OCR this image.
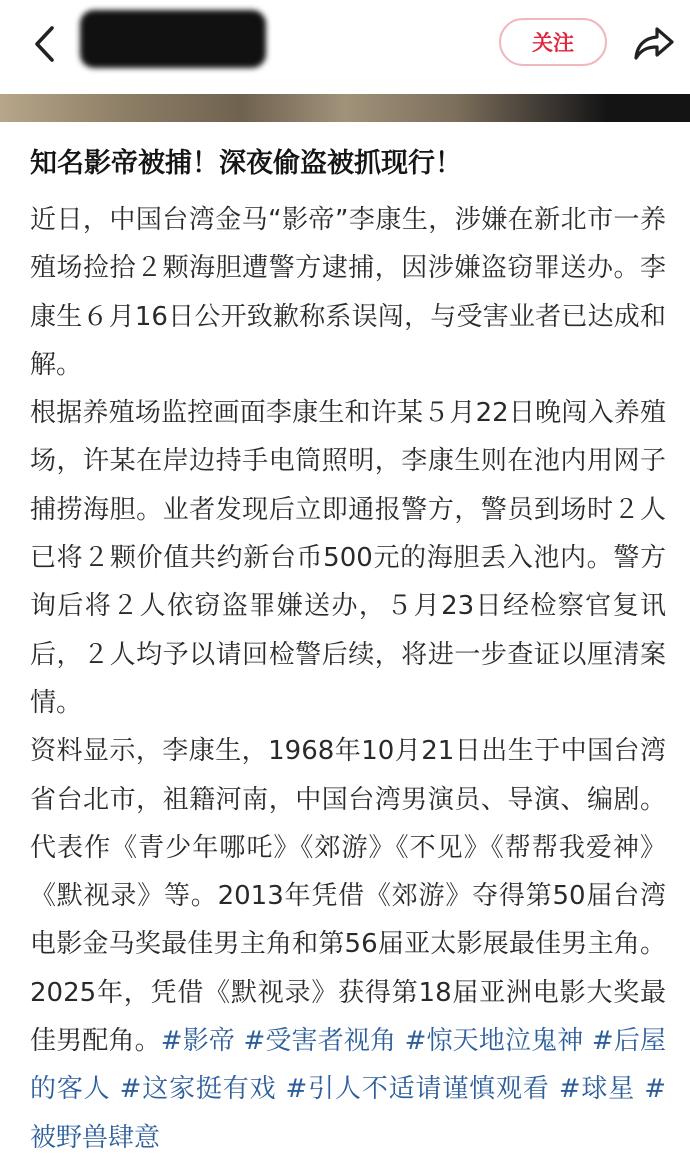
关注
知名影帝被捕！深夜偷盗被抓现行！

近日，中国台湾金马“影帝”李康生，涉嫌在新北市一养殖场捡拾２颗海胆遭警方逮捕，因涉嫌盗窃罪送办。李康生６月16日公开致歉称系误闯，与受害业者已达成和解。

根据养殖场监控画面李康生和许某５月22日晚闯入养殖场，许某在岸边持手电筒照明，李康生则在池内用网子捕捞海胆。业者发现后立即通报警方，警员到场时２人已将２颗价值共约新台币500元的海胆丢入池内。警方询后将２人依窃盗罪嫌送办，５月23日经检察官复讯后，２人均予以请回检警后续，将进一步查证以厘清案情。

资料显示，李康生，1968年10月21日出生于中国台湾省台北市，祖籍河南，中国台湾男演员、导演、编剧。代表作《青少年哪吒》《郊游》《不见》《帮帮我爱神》《默视录》等。2013年凭借《郊游》夺得第50届台湾电影金马奖最佳男主角和第56届亚太影展最佳男主角。2025年，凭借《默视录》获得第18届亚洲电影大奖最佳男配角。#影帝 #受害者视角 #惊天地泣鬼神 #后屋的客人 #这家挺有戏 #引人不适请谨慎观看 #球星 #被野兽肆意
